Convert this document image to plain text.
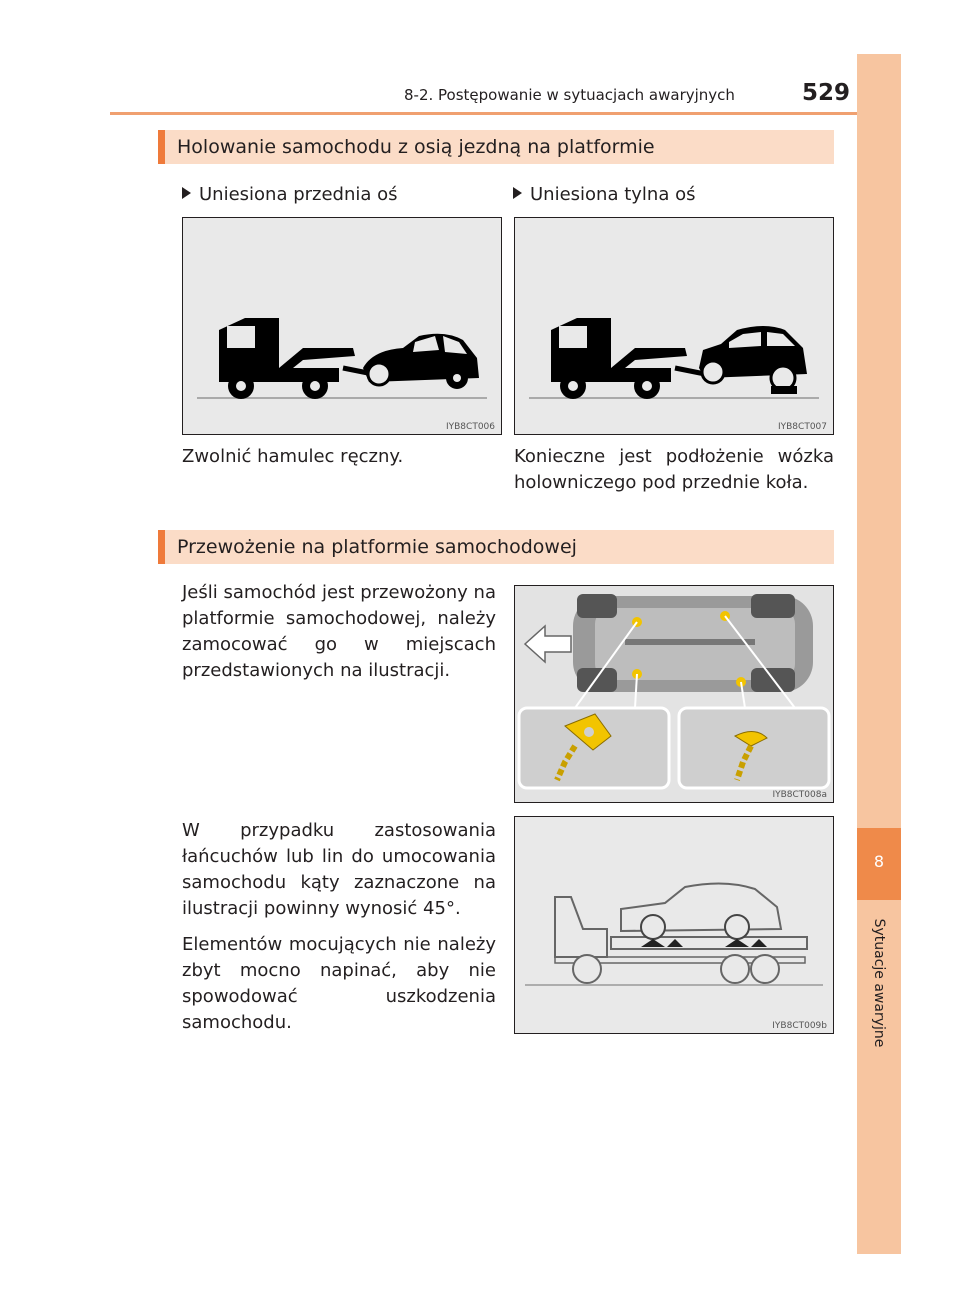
8-2. Postępowanie w sytuacjach awaryjnych	529
8
Sytuacje awaryjne
Holowanie samochodu z osią jezdną na platformie
Uniesiona przednia oś	Uniesiona tylna oś
IYB8CT006	IYB8CT007
Zwolnić hamulec ręczny.	Konieczne jest podłożenie wózka holowniczego pod przednie koła.
Przewożenie na platformie samochodowej
Jeśli samochód jest przewożony na platformie samochodowej, należy zamocować go w miejscach przedstawionych na ilustracji.
IYB8CT008a
W przypadku zastosowania łańcuchów lub lin do umocowania samochodu kąty zaznaczone na ilustracji powinny wynosić 45°.
Elementów mocujących nie należy zbyt mocno napinać, aby nie spowodować uszkodzenia samochodu.	IYB8CT009b
